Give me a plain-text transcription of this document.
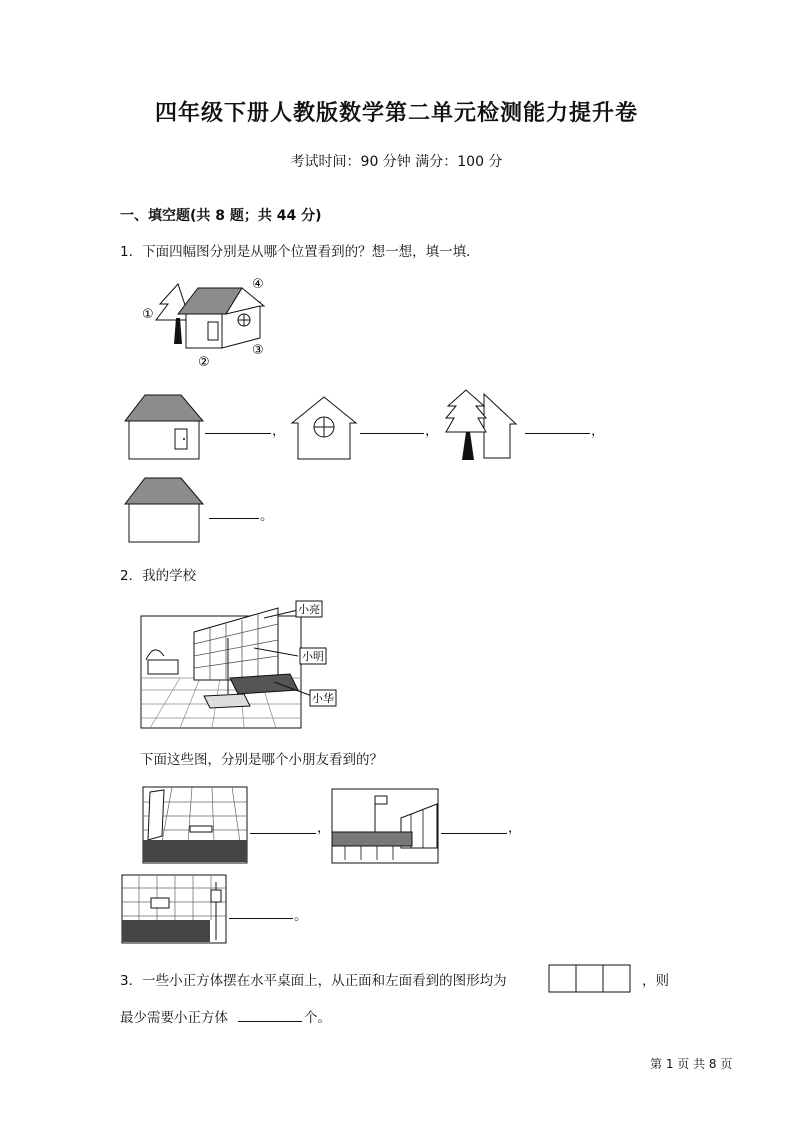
四年级下册人教版数学第二单元检测能力提升卷
考试时间：90 分钟 满分：100 分
一、填空题(共 8 题；共 44 分)
1．下面四幅图分别是从哪个位置看到的？想一想，填一填．
①
②
③
④
，	，	，
。
2．我的学校
小亮
小明
小华
下面这些图，分别是哪个小朋友看到的？
，	，
。
3．一些小正方体摆在水平桌面上，从正面和左面看到的图形均为	，则
最少需要小正方体	个。
第 1 页 共 8 页
